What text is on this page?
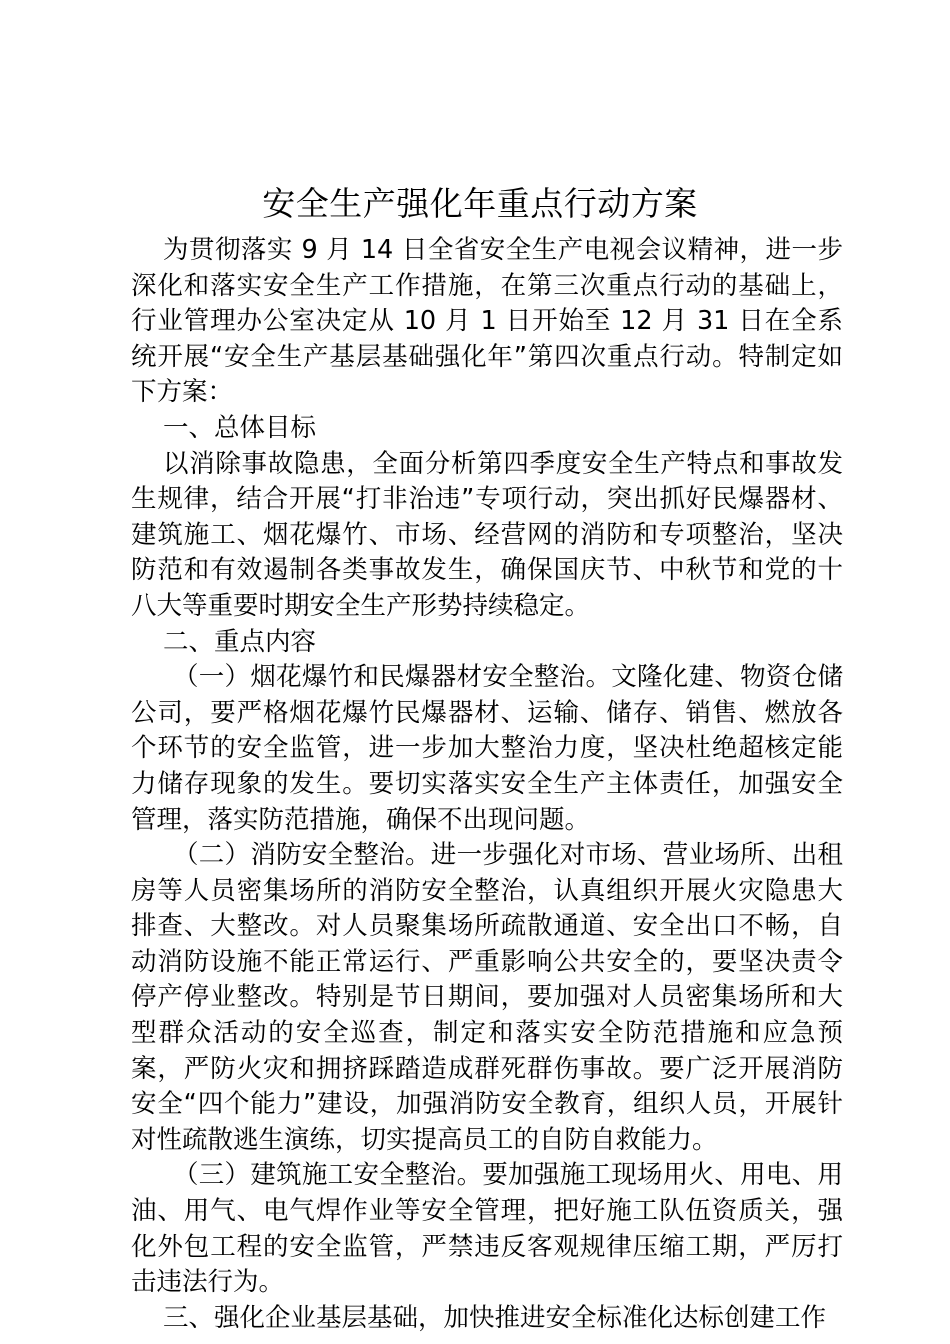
安全生产强化年重点行动方案

为贯彻落实 9 月 14 日全省安全生产电视会议精神，进一步深化和落实安全生产工作措施，在第三次重点行动的基础上，行业管理办公室决定从 10 月 1 日开始至 12 月 31 日在全系统开展“安全生产基层基础强化年”第四次重点行动。特制定如下方案：

一、总体目标

以消除事故隐患，全面分析第四季度安全生产特点和事故发生规律，结合开展“打非治违”专项行动，突出抓好民爆器材、建筑施工、烟花爆竹、市场、经营网的消防和专项整治，坚决防范和有效遏制各类事故发生，确保国庆节、中秋节和党的十八大等重要时期安全生产形势持续稳定。

二、重点内容

（一）烟花爆竹和民爆器材安全整治。文隆化建、物资仓储公司，要严格烟花爆竹民爆器材、运输、储存、销售、燃放各个环节的安全监管，进一步加大整治力度，坚决杜绝超核定能力储存现象的发生。要切实落实安全生产主体责任，加强安全管理，落实防范措施，确保不出现问题。

（二）消防安全整治。进一步强化对市场、营业场所、出租房等人员密集场所的消防安全整治，认真组织开展火灾隐患大排查、大整改。对人员聚集场所疏散通道、安全出口不畅，自动消防设施不能正常运行、严重影响公共安全的，要坚决责令停产停业整改。特别是节日期间，要加强对人员密集场所和大型群众活动的安全巡查，制定和落实安全防范措施和应急预案，严防火灾和拥挤踩踏造成群死群伤事故。要广泛开展消防安全“四个能力”建设，加强消防安全教育，组织人员，开展针对性疏散逃生演练，切实提高员工的自防自救能力。

（三）建筑施工安全整治。要加强施工现场用火、用电、用油、用气、电气焊作业等安全管理，把好施工队伍资质关，强化外包工程的安全监管，严禁违反客观规律压缩工期，严厉打击违法行为。

三、强化企业基层基础，加快推进安全标准化达标创建工作
